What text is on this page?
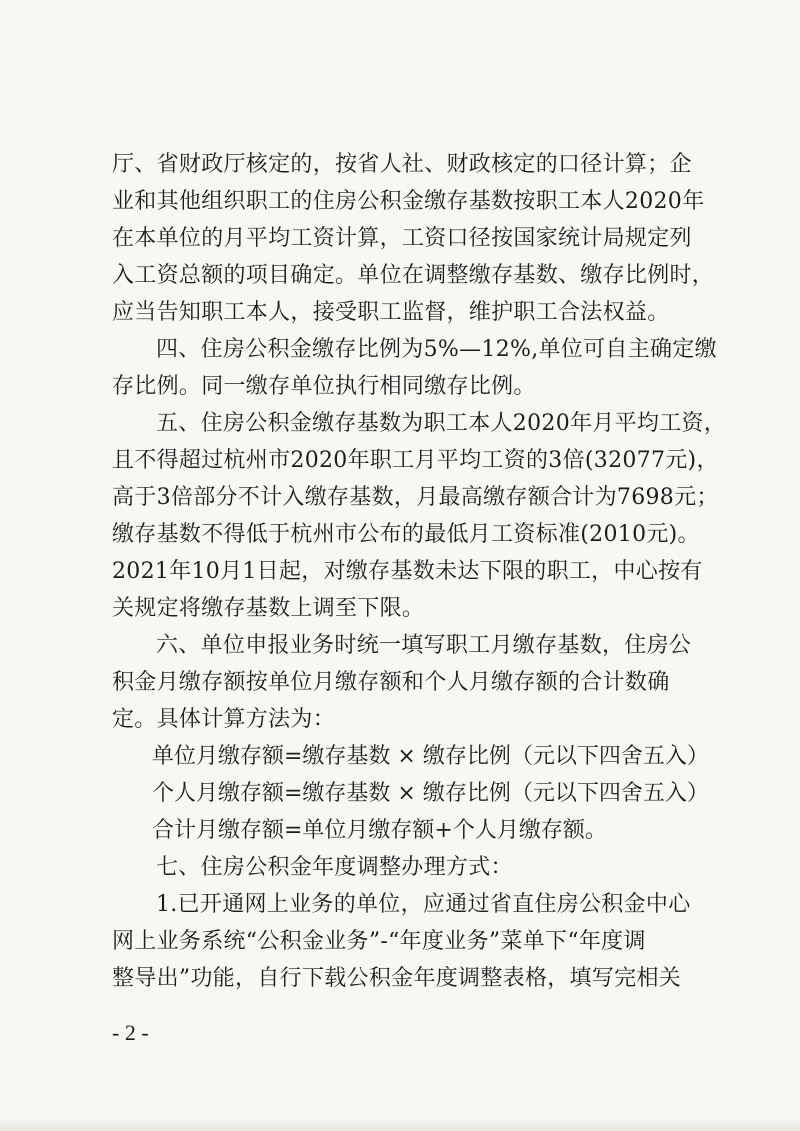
厅、省财政厅核定的，按省人社、财政核定的口径计算；企
业和其他组织职工的住房公积金缴存基数按职工本人2020年
在本单位的月平均工资计算，工资口径按国家统计局规定列
入工资总额的项目确定。单位在调整缴存基数、缴存比例时，
应当告知职工本人，接受职工监督，维护职工合法权益。
四、住房公积金缴存比例为5%—12%,单位可自主确定缴
存比例。同一缴存单位执行相同缴存比例。
五、住房公积金缴存基数为职工本人2020年月平均工资，
且不得超过杭州市2020年职工月平均工资的3倍(32077元)，
高于3倍部分不计入缴存基数，月最高缴存额合计为7698元；
缴存基数不得低于杭州市公布的最低月工资标准(2010元)。
2021年10月1日起，对缴存基数未达下限的职工，中心按有
关规定将缴存基数上调至下限。
六、单位申报业务时统一填写职工月缴存基数，住房公
积金月缴存额按单位月缴存额和个人月缴存额的合计数确
定。具体计算方法为：
单位月缴存额=缴存基数 × 缴存比例（元以下四舍五入）
个人月缴存额=缴存基数 × 缴存比例（元以下四舍五入）
合计月缴存额=单位月缴存额+个人月缴存额。
七、住房公积金年度调整办理方式：
1.已开通网上业务的单位，应通过省直住房公积金中心
网上业务系统“公积金业务”-“年度业务”菜单下“年度调
整导出”功能，自行下载公积金年度调整表格，填写完相关
- 2 -
